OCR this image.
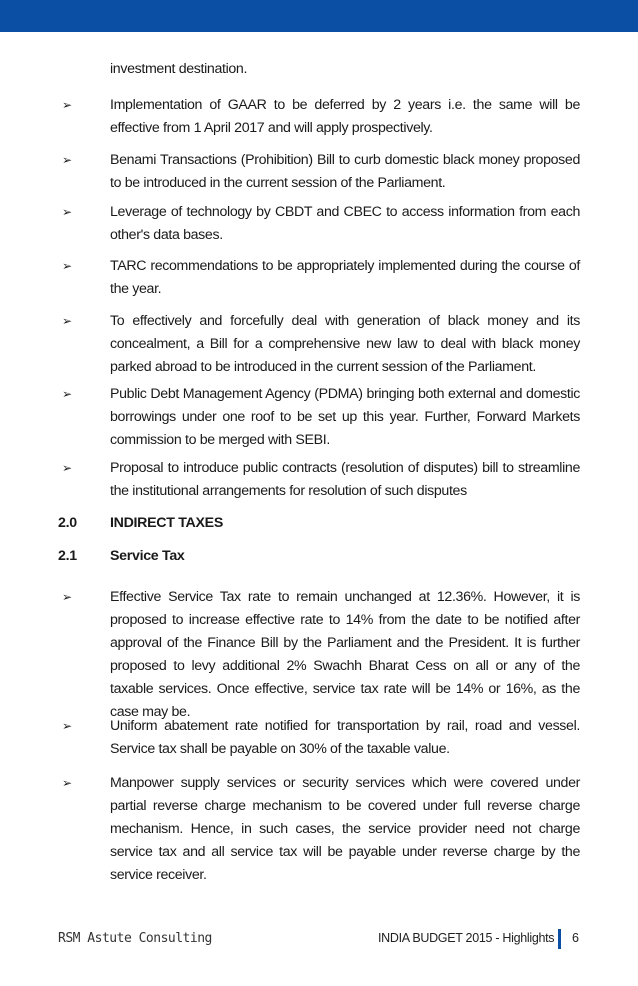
investment destination.
➢	Implementation of GAAR to be deferred by 2 years i.e. the same will be effective from 1 April 2017 and will apply prospectively.
➢	Benami Transactions (Prohibition) Bill to curb domestic black money proposed to be introduced in the current session of the Parliament.
➢	Leverage of technology by CBDT and CBEC to access information from each other's data bases.
➢	TARC recommendations to be appropriately implemented during the course of the year.
➢	To effectively and forcefully deal with generation of black money and its concealment, a Bill for a comprehensive new law to deal with black money parked abroad to be introduced in the current session of the Parliament.
➢	Public Debt Management Agency (PDMA) bringing both external and domestic borrowings under one roof to be set up this year. Further, Forward Markets commission to be merged with SEBI.
➢	Proposal to introduce public contracts (resolution of disputes) bill to streamline the institutional arrangements for resolution of such disputes
2.0 INDIRECT TAXES
2.1 Service Tax
➢	Effective Service Tax rate to remain unchanged at 12.36%. However, it is proposed to increase effective rate to 14% from the date to be notified after approval of the Finance Bill by the Parliament and the President. It is further proposed to levy additional 2% Swachh Bharat Cess on all or any of the taxable services. Once effective, service tax rate will be 14% or 16%, as the case may be.
➢	Uniform abatement rate notified for transportation by rail, road and vessel. Service tax shall be payable on 30% of the taxable value.
➢	Manpower supply services or security services which were covered under partial reverse charge mechanism to be covered under full reverse charge mechanism. Hence, in such cases, the service provider need not charge service tax and all service tax will be payable under reverse charge by the service receiver.
RSM Astute Consulting	INDIA BUDGET 2015 - Highlights 6
